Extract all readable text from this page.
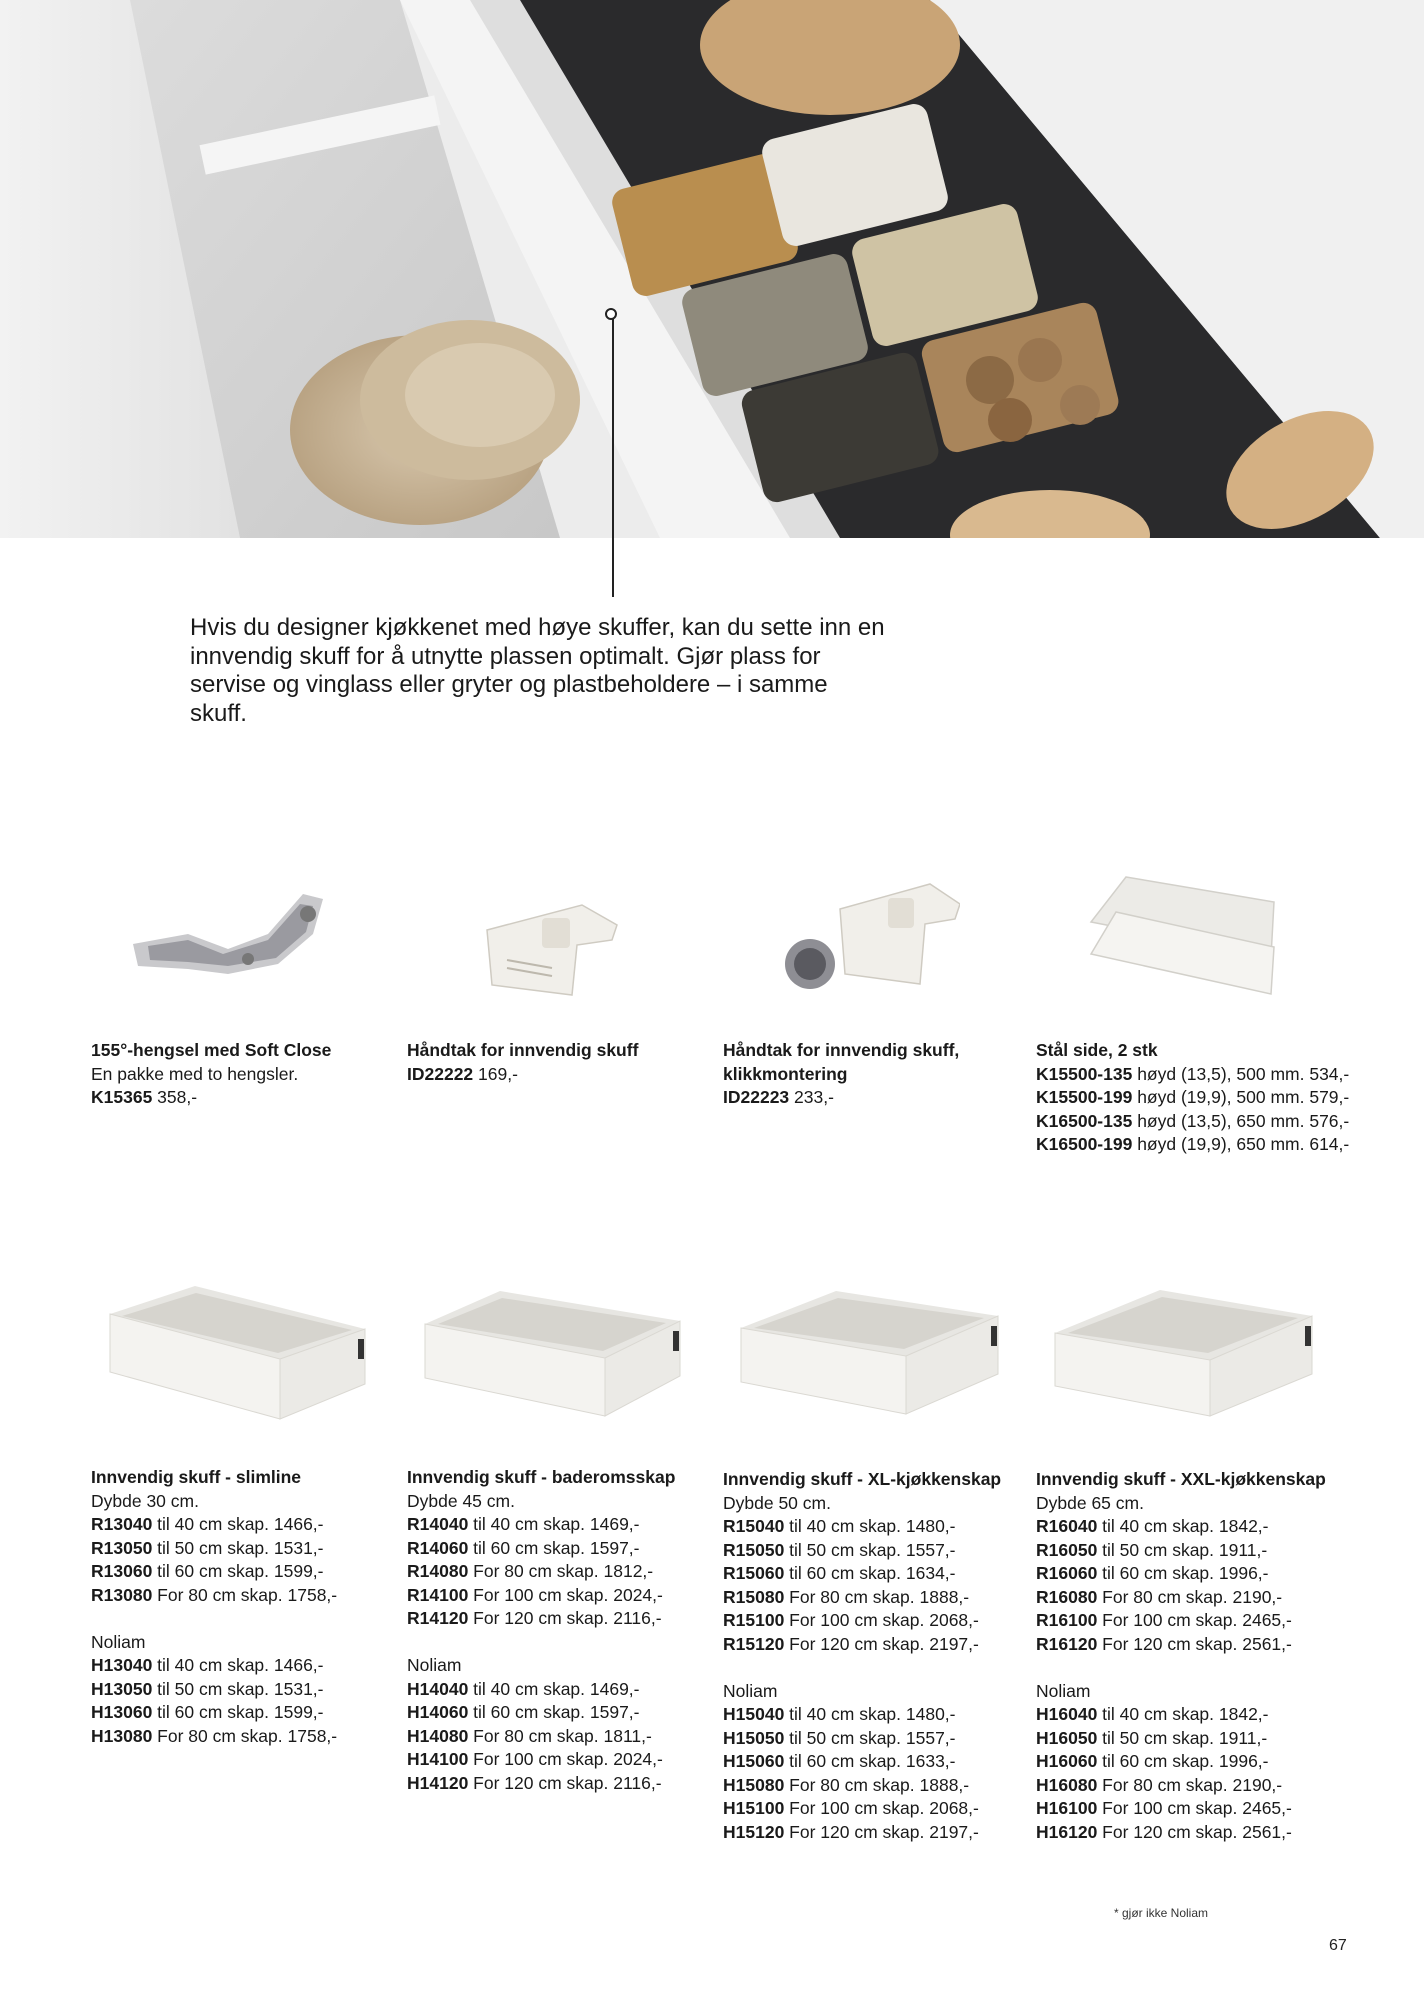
Hvis du designer kjøkkenet med høye skuffer, kan du sette inn en innvendig skuff for å utnytte plassen optimalt. Gjør plass for servise og vinglass eller gryter og plastbeholdere – i samme skuff.

155°-hengsel med Soft Close
En pakke med to hengsler.
K15365 358,-
Håndtak for innvendig skuff
ID22222 169,-
Håndtak for innvendig skuff, klikkmontering
ID22223 233,-
Stål side, 2 stk
K15500-135 høyd (13,5), 500 mm. 534,-
K15500-199 høyd (19,9), 500 mm. 579,-
K16500-135 høyd (13,5), 650 mm. 576,-
K16500-199 høyd (19,9), 650 mm. 614,-
Innvendig skuff - slimline
Dybde 30 cm.
R13040 til 40 cm skap. 1466,-
R13050 til 50 cm skap. 1531,-
R13060 til 60 cm skap. 1599,-
R13080 For 80 cm skap. 1758,-
Noliam
H13040 til 40 cm skap. 1466,-
H13050 til 50 cm skap. 1531,-
H13060 til 60 cm skap. 1599,-
H13080 For 80 cm skap. 1758,-
Innvendig skuff - baderomsskap
Dybde 45 cm.
R14040 til 40 cm skap. 1469,-
R14060 til 60 cm skap. 1597,-
R14080 For 80 cm skap. 1812,-
R14100 For 100 cm skap. 2024,-
R14120 For 120 cm skap. 2116,-
Noliam
H14040 til 40 cm skap. 1469,-
H14060 til 60 cm skap. 1597,-
H14080 For 80 cm skap. 1811,-
H14100 For 100 cm skap. 2024,-
H14120 For 120 cm skap. 2116,-
Innvendig skuff - XL-kjøkkenskap
Dybde 50 cm.
R15040 til 40 cm skap. 1480,-
R15050 til 50 cm skap. 1557,-
R15060 til 60 cm skap. 1634,-
R15080 For 80 cm skap. 1888,-
R15100 For 100 cm skap. 2068,-
R15120 For 120 cm skap. 2197,-
Noliam
H15040 til 40 cm skap. 1480,-
H15050 til 50 cm skap. 1557,-
H15060 til 60 cm skap. 1633,-
H15080 For 80 cm skap. 1888,-
H15100 For 100 cm skap. 2068,-
H15120 For 120 cm skap. 2197,-
Innvendig skuff - XXL-kjøkkenskap
Dybde 65 cm.
R16040 til 40 cm skap. 1842,-
R16050 til 50 cm skap. 1911,-
R16060 til 60 cm skap. 1996,-
R16080 For 80 cm skap. 2190,-
R16100 For 100 cm skap. 2465,-
R16120 For 120 cm skap. 2561,-
Noliam
H16040 til 40 cm skap. 1842,-
H16050 til 50 cm skap. 1911,-
H16060 til 60 cm skap. 1996,-
H16080 For 80 cm skap. 2190,-
H16100 For 100 cm skap. 2465,-
H16120 For 120 cm skap. 2561,-
* gjør ikke Noliam
67
